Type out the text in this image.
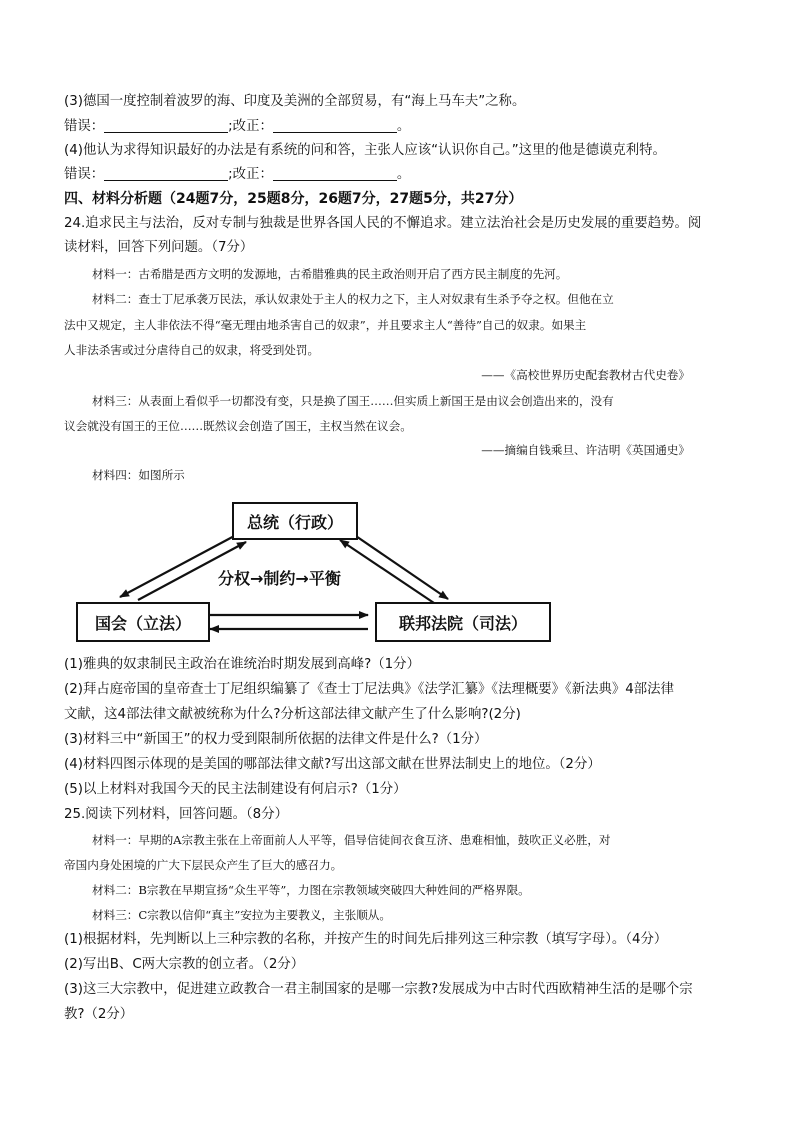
(3)德国一度控制着波罗的海、印度及美洲的全部贸易，有“海上马车夫”之称。
错误：	;改正：	。
(4)他认为求得知识最好的办法是有系统的问和答，主张人应该“认识你自己。”这里的他是德谟克利特。
错误：	;改正：	。
四、材料分析题（24题7分，25题8分，26题7分，27题5分，共27分）
24.追求民主与法治，反对专制与独裁是世界各国人民的不懈追求。建立法治社会是历史发展的重要趋势。阅
读材料，回答下列问题。（7分）
材料一：古希腊是西方文明的发源地，古希腊雅典的民主政治则开启了西方民主制度的先河。
材料二：查士丁尼承袭万民法，承认奴隶处于主人的权力之下，主人对奴隶有生杀予夺之权。但他在立
法中又规定，主人非依法不得“毫无理由地杀害自己的奴隶”，并且要求主人“善待”自己的奴隶。如果主
人非法杀害或过分虐待自己的奴隶，将受到处罚。
——《高校世界历史配套教材古代史卷》
材料三：从表面上看似乎一切都没有变，只是换了国王……但实质上新国王是由议会创造出来的，没有
议会就没有国王的王位……既然议会创造了国王，主权当然在议会。
——摘编自钱乘旦、许洁明《英国通史》
材料四：如图所示
总统（行政）
国会（立法）	联邦法院（司法）
分权→制约→平衡
(1)雅典的奴隶制民主政治在谁统治时期发展到高峰?（1分）
(2)拜占庭帝国的皇帝查士丁尼组织编纂了《查士丁尼法典》《法学汇纂》《法理概要》《新法典》4部法律
文献，这4部法律文献被统称为什么?分析这部法律文献产生了什么影响?(2分)
(3)材料三中“新国王”的权力受到限制所依据的法律文件是什么?（1分）
(4)材料四图示体现的是美国的哪部法律文献?写出这部文献在世界法制史上的地位。（2分）
(5)以上材料对我国今天的民主法制建设有何启示?（1分）
25.阅读下列材料，回答问题。（8分）
材料一：早期的A宗教主张在上帝面前人人平等，倡导信徒间衣食互济、患难相恤，鼓吹正义必胜，对
帝国内身处困境的广大下层民众产生了巨大的感召力。
材料二：B宗教在早期宣扬“众生平等”，力图在宗教领域突破四大种姓间的严格界限。
材料三：C宗教以信仰“真主”安拉为主要教义，主张顺从。
(1)根据材料，先判断以上三种宗教的名称，并按产生的时间先后排列这三种宗教（填写字母）。（4分）
(2)写出B、C两大宗教的创立者。（2分）
(3)这三大宗教中，促进建立政教合一君主制国家的是哪一宗教?发展成为中古时代西欧精神生活的是哪个宗
教?（2分）
